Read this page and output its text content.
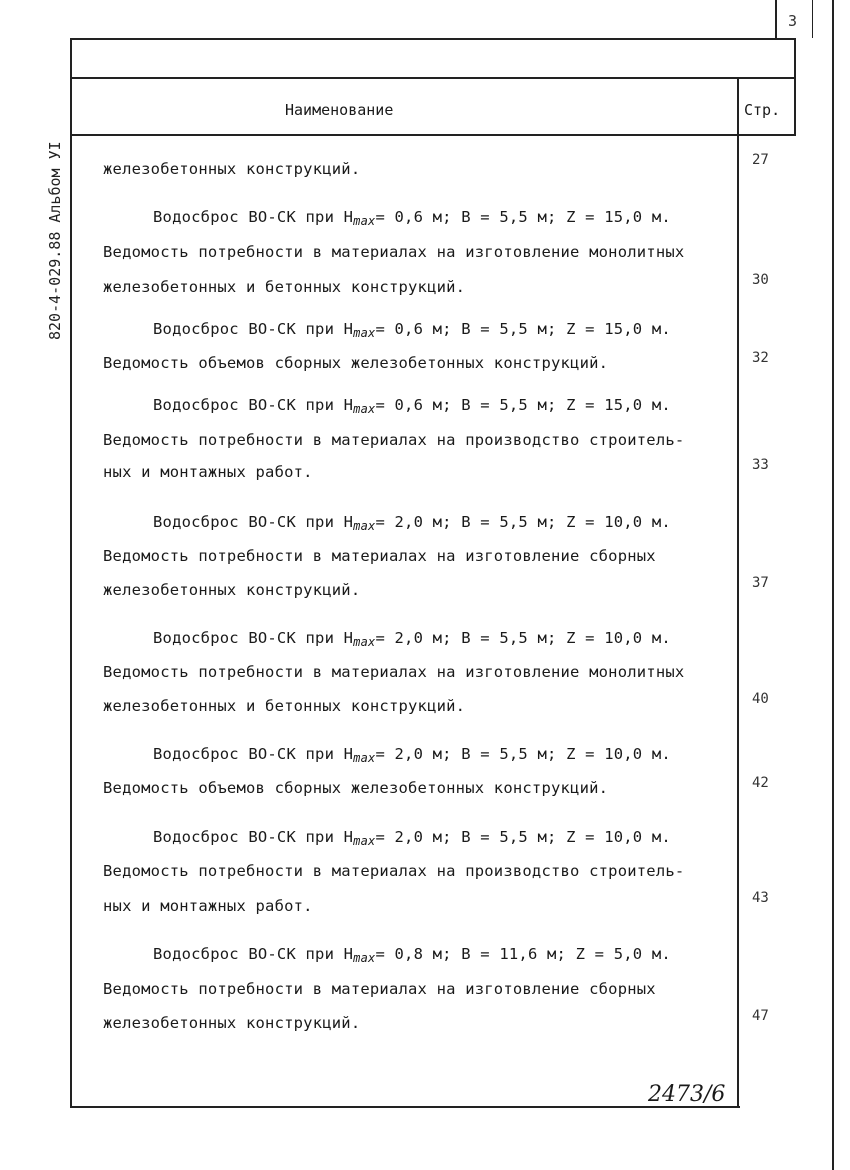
3
820-4-029.88 Альбом УI
Наименование	Стр.
железобетонных конструкций.	27
Водосброс ВО-СК при $H_{max}= 0,6$ м; В = 5,5 м; Z = 15,0 м.
Ведомость потребности в материалах на изготовление монолитных
железобетонных и бетонных конструкций.	30
Водосброс ВО-СК при $H_{max}= 0,6$ м; В = 5,5 м; Z = 15,0 м.
Ведомость объемов сборных железобетонных конструкций.	32
Водосброс ВО-СК при $H_{max}= 0,6$ м; В = 5,5 м; Z = 15,0 м.
Ведомость потребности в материалах на производство строитель-
ных и монтажных работ.	33
Водосброс ВО-СК при $H_{max}= 2,0$ м; В = 5,5 м; Z = 10,0 м.
Ведомость потребности в материалах на изготовление сборных
железобетонных конструкций.	37
Водосброс ВО-СК при $H_{max}= 2,0$ м; В = 5,5 м; Z = 10,0 м.
Ведомость потребности в материалах на изготовление монолитных
железобетонных и бетонных конструкций.	40
Водосброс ВО-СК при $H_{max}= 2,0$ м; В = 5,5 м; Z = 10,0 м.
Ведомость объемов сборных железобетонных конструкций.	42
Водосброс ВО-СК при $H_{max}= 2,0$ м; В = 5,5 м; Z = 10,0 м.
Ведомость потребности в материалах на производство строитель-
ных и монтажных работ.	43
Водосброс ВО-СК при $H_{max}= 0,8$ м; В = 11,6 м; Z = 5,0 м.
Ведомость потребности в материалах на изготовление сборных
железобетонных конструкций.	47
2473/6
